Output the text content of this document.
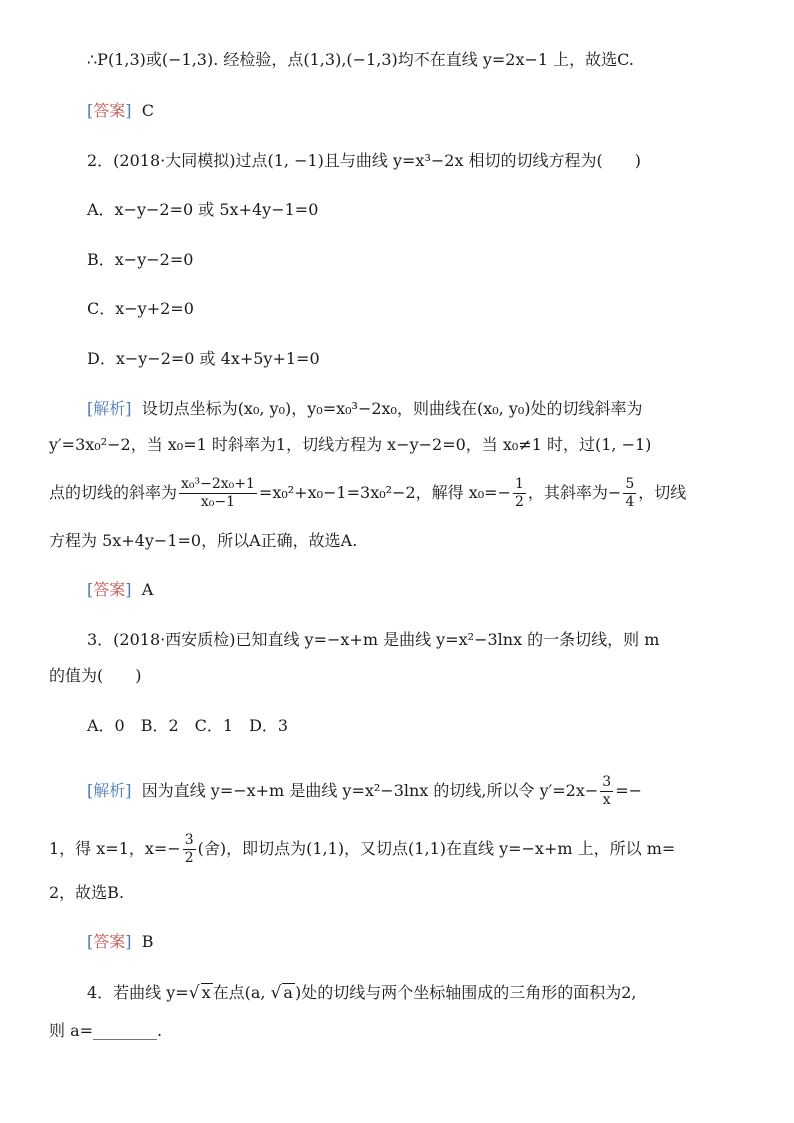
∴P(1,3)或(−1,3). 经检验，点(1,3),(−1,3)均不在直线 y=2x−1 上，故选C.
[答案] C
2．(2018·大同模拟)过点(1, −1)且与曲线 y=x³−2x 相切的切线方程为(　　)
A．x−y−2=0 或 5x+4y−1=0
B．x−y−2=0
C．x−y+2=0
D．x−y−2=0 或 4x+5y+1=0
[解析] 设切点坐标为(x₀, y₀)，y₀=x₀³−2x₀，则曲线在(x₀, y₀)处的切线斜率为
y′=3x₀²−2，当 x₀=1 时斜率为1，切线方程为 x−y−2=0，当 x₀≠1 时，过(1, −1)
点的切线的斜率为 $\frac{\text{x₀³−2x₀+1}}{\text{x₀−1}} =x_0^2+x_0-1=3x_0^2-2$，解得 $x_0=- \frac{1}{2}$ ，其斜率为− $\frac{5}{4}$ ，切线
方程为 5x+4y−1=0，所以A正确，故选A.
[答案] A
3．(2018·西安质检)已知直线 y=−x+m 是曲线 y=x²−3lnx 的一条切线，则 m
的值为(　　)
A．0　B．2　C．1　D．3
[解析] 因为直线 y=−x+m 是曲线 y=x²−3lnx 的切线,所以令 $y'=2x- \frac{3}{x}$ =−
1，得 x=1，$x=- \frac{3}{2}$ (舍)，即切点为(1,1)，又切点(1,1)在直线 y=−x+m 上，所以 m=
2，故选B.
[答案] B
4．若曲线 y=√ x 在点(a, √ a )处的切线与两个坐标轴围成的三角形的面积为2,
则 a=________.
